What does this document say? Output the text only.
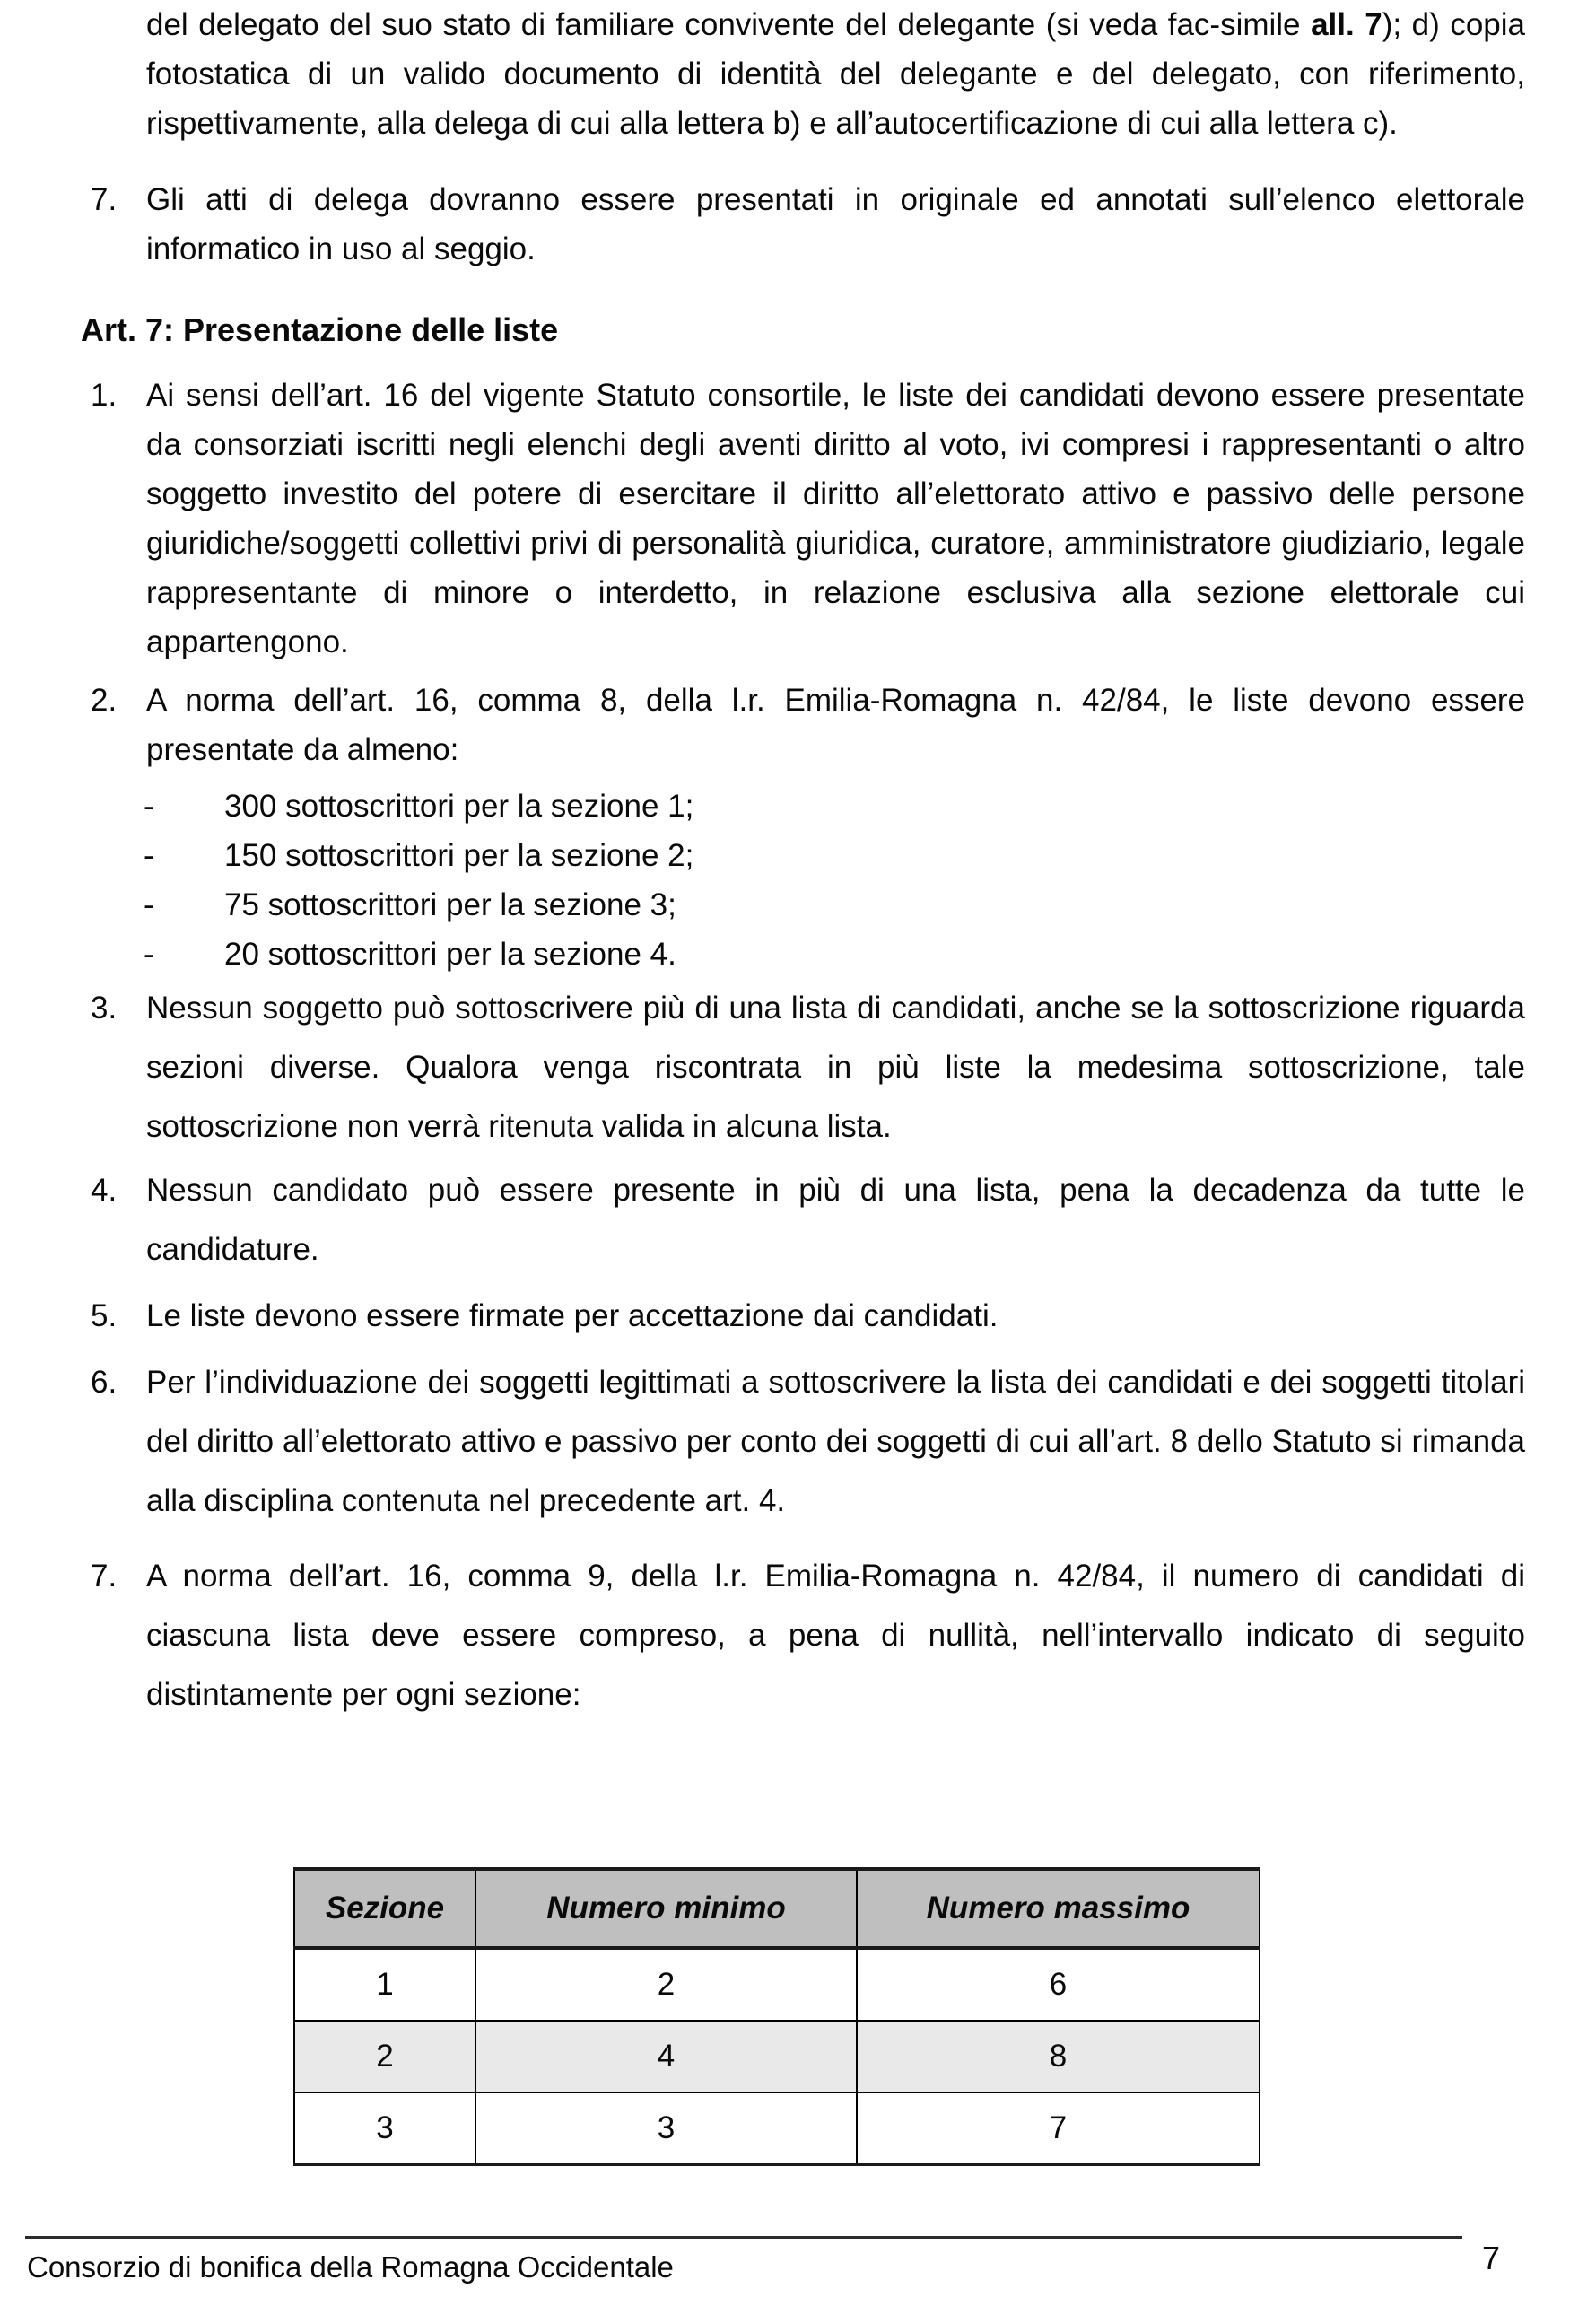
del delegato del suo stato di familiare convivente del delegante (si veda fac-simile all. 7); d) copia fotostatica di un valido documento di identità del delegante e del delegato, con riferimento, rispettivamente, alla delega di cui alla lettera b) e all’autocertificazione di cui alla lettera c).

7. Gli atti di delega dovranno essere presentati in originale ed annotati sull’elenco elettorale informatico in uso al seggio.
Art. 7: Presentazione delle liste
1. Ai sensi dell’art. 16 del vigente Statuto consortile, le liste dei candidati devono essere presentate da consorziati iscritti negli elenchi degli aventi diritto al voto, ivi compresi i rappresentanti o altro soggetto investito del potere di esercitare il diritto all’elettorato attivo e passivo delle persone giuridiche/soggetti collettivi privi di personalità giuridica, curatore, amministratore giudiziario, legale rappresentante di minore o interdetto, in relazione esclusiva alla sezione elettorale cui appartengono.
2. A norma dell’art. 16, comma 8, della l.r. Emilia-Romagna n. 42/84, le liste devono essere presentate da almeno:
- 300 sottoscrittori per la sezione 1;
- 150 sottoscrittori per la sezione 2;
- 75 sottoscrittori per la sezione 3;
- 20 sottoscrittori per la sezione 4.
3. Nessun soggetto può sottoscrivere più di una lista di candidati, anche se la sottoscrizione riguarda sezioni diverse. Qualora venga riscontrata in più liste la medesima sottoscrizione, tale sottoscrizione non verrà ritenuta valida in alcuna lista.
4. Nessun candidato può essere presente in più di una lista, pena la decadenza da tutte le candidature.
5. Le liste devono essere firmate per accettazione dai candidati.
6. Per l’individuazione dei soggetti legittimati a sottoscrivere la lista dei candidati e dei soggetti titolari del diritto all’elettorato attivo e passivo per conto dei soggetti di cui all’art. 8 dello Statuto si rimanda alla disciplina contenuta nel precedente art. 4.
7. A norma dell’art. 16, comma 9, della l.r. Emilia-Romagna n. 42/84, il numero di candidati di ciascuna lista deve essere compreso, a pena di nullità, nell’intervallo indicato di seguito distintamente per ogni sezione:
Sezione	Numero minimo	Numero massimo
1	2	6
2	4	8
3	3	7
Consorzio di bonifica della Romagna Occidentale	7
